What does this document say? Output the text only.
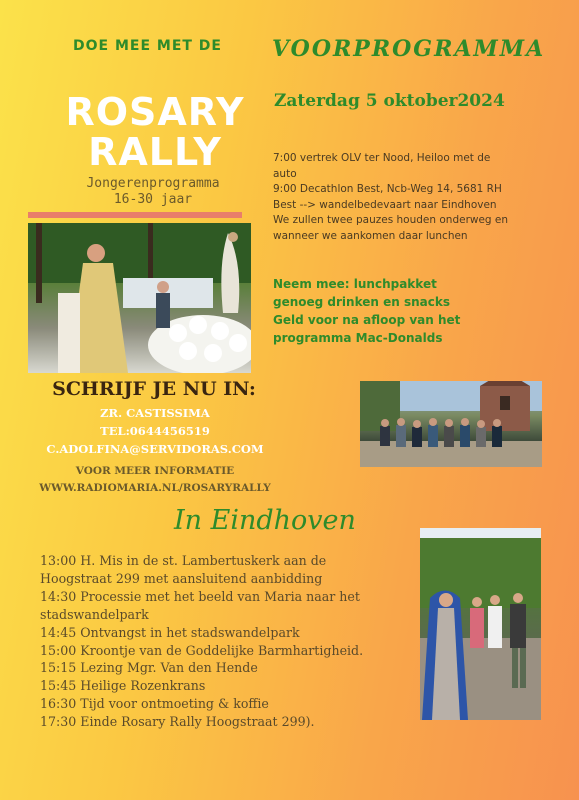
DOE MEE MET DE VOORPROGRAMMA
ROSARY RALLY
Jongerenprogramma
16-30 jaar
Zaterdag 5 oktober2024
7:00 vertrek OLV ter Nood, Heiloo met de
auto
9:00 Decathlon Best, Ncb-Weg 14, 5681 RH
Best --> wandelbedevaart naar Eindhoven
We zullen twee pauzes houden onderweg en
wanneer we aankomen daar lunchen
Neem mee: lunchpakket
genoeg drinken en snacks
Geld voor na afloop van het
programma Mac-Donalds
SCHRIJF JE NU IN:
ZR. CASTISSIMA
TEL:0644456519
C.ADOLFINA@SERVIDORAS.COM
VOOR MEER INFORMATIE
WWW.RADIOMARIA.NL/ROSARYRALLY
In Eindhoven
13:00 H. Mis in de st. Lambertuskerk aan de
Hoogstraat 299 met aansluitend aanbidding
14:30 Processie met het beeld van Maria naar het
stadswandelpark
14:45 Ontvangst in het stadswandelpark
15:00 Kroontje van de Goddelijke Barmhartigheid.
15:15 Lezing Mgr. Van den Hende
15:45 Heilige Rozenkrans
16:30 Tijd voor ontmoeting & koffie
17:30 Einde Rosary Rally Hoogstraat 299).
